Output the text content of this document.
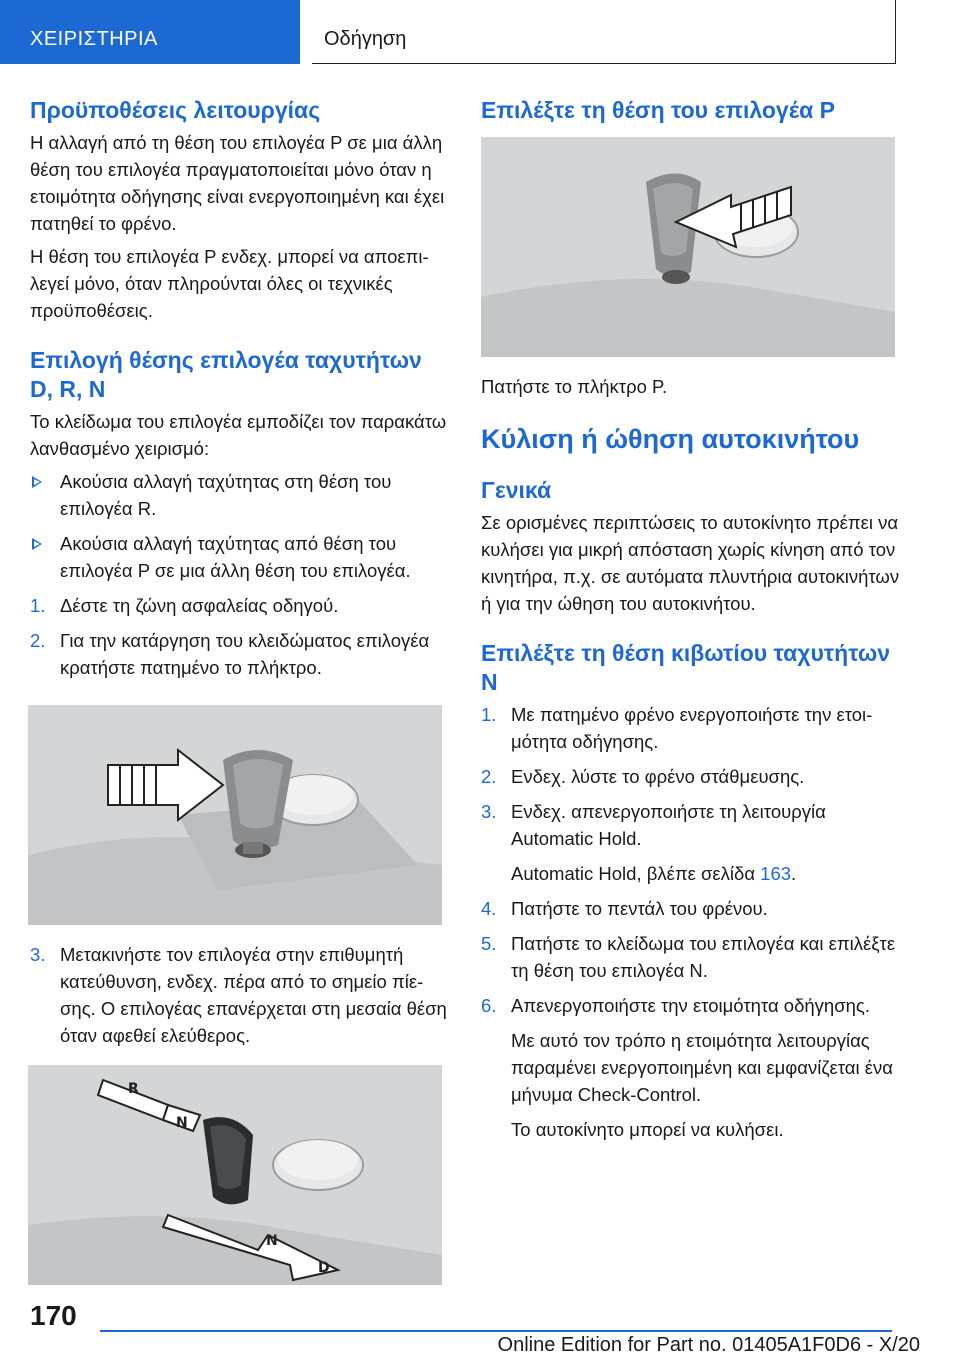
ΧΕΙΡΙΣΤΗΡΙΑ	Οδήγηση
Προϋποθέσεις λειτουργίας

Η αλλαγή από τη θέση του επιλογέα P σε μια άλλη θέση του επιλογέα πραγματοποιείται μόνο όταν η ετοιμότητα οδήγησης είναι ενεργοποιημένη και έχει πατηθεί το φρένο.

Η θέση του επιλογέα P ενδεχ. μπορεί να αποεπιλεγεί μόνο, όταν πληρούνται όλες οι τεχνικές προϋποθέσεις.

Επιλογή θέσης επιλογέα ταχυτήτων D, R, N

Το κλείδωμα του επιλογέα εμποδίζει τον παρακάτω λανθασμένο χειρισμό:

Ακούσια αλλαγή ταχύτητας στη θέση του επιλογέα R.
Ακούσια αλλαγή ταχύτητας από θέση του επιλογέα P σε μια άλλη θέση του επιλογέα.
1. Δέστε τη ζώνη ασφαλείας οδηγού.
2. Για την κατάργηση του κλειδώματος επιλογέα κρατήστε πατημένο το πλήκτρο.
3. Μετακινήστε τον επιλογέα στην επιθυμητή κατεύθυνση, ενδεχ. πέρα από το σημείο πίεσης. Ο επιλογέας επανέρχεται στη μεσαία θέση όταν αφεθεί ελεύθερος.
R
N
N
D
Επιλέξτε τη θέση του επιλογέα P

Πατήστε το πλήκτρο P.

Κύλιση ή ώθηση αυτοκινήτου
Γενικά

Σε ορισμένες περιπτώσεις το αυτοκίνητο πρέπει να κυλήσει για μικρή απόσταση χωρίς κίνηση από τον κινητήρα, π.χ. σε αυτόματα πλυντήρια αυτοκινήτων ή για την ώθηση του αυτοκινήτου.

Επιλέξτε τη θέση κιβωτίου ταχυτήτων N
1. Με πατημένο φρένο ενεργοποιήστε την ετοιμότητα οδήγησης.
2. Ενδεχ. λύστε το φρένο στάθμευσης.
3. Ενδεχ. απενεργοποιήστε τη λειτουργία Automatic Hold.
Automatic Hold, βλέπε σελίδα 163.
4. Πατήστε το πεντάλ του φρένου.
5. Πατήστε το κλείδωμα του επιλογέα και επιλέξτε τη θέση του επιλογέα N.
6. Απενεργοποιήστε την ετοιμότητα οδήγησης.
Με αυτό τον τρόπο η ετοιμότητα λειτουργίας παραμένει ενεργοποιημένη και εμφανίζεται ένα μήνυμα Check-Control.
Το αυτοκίνητο μπορεί να κυλήσει.
170
Online Edition for Part no. 01405A1F0D6 - X/20
